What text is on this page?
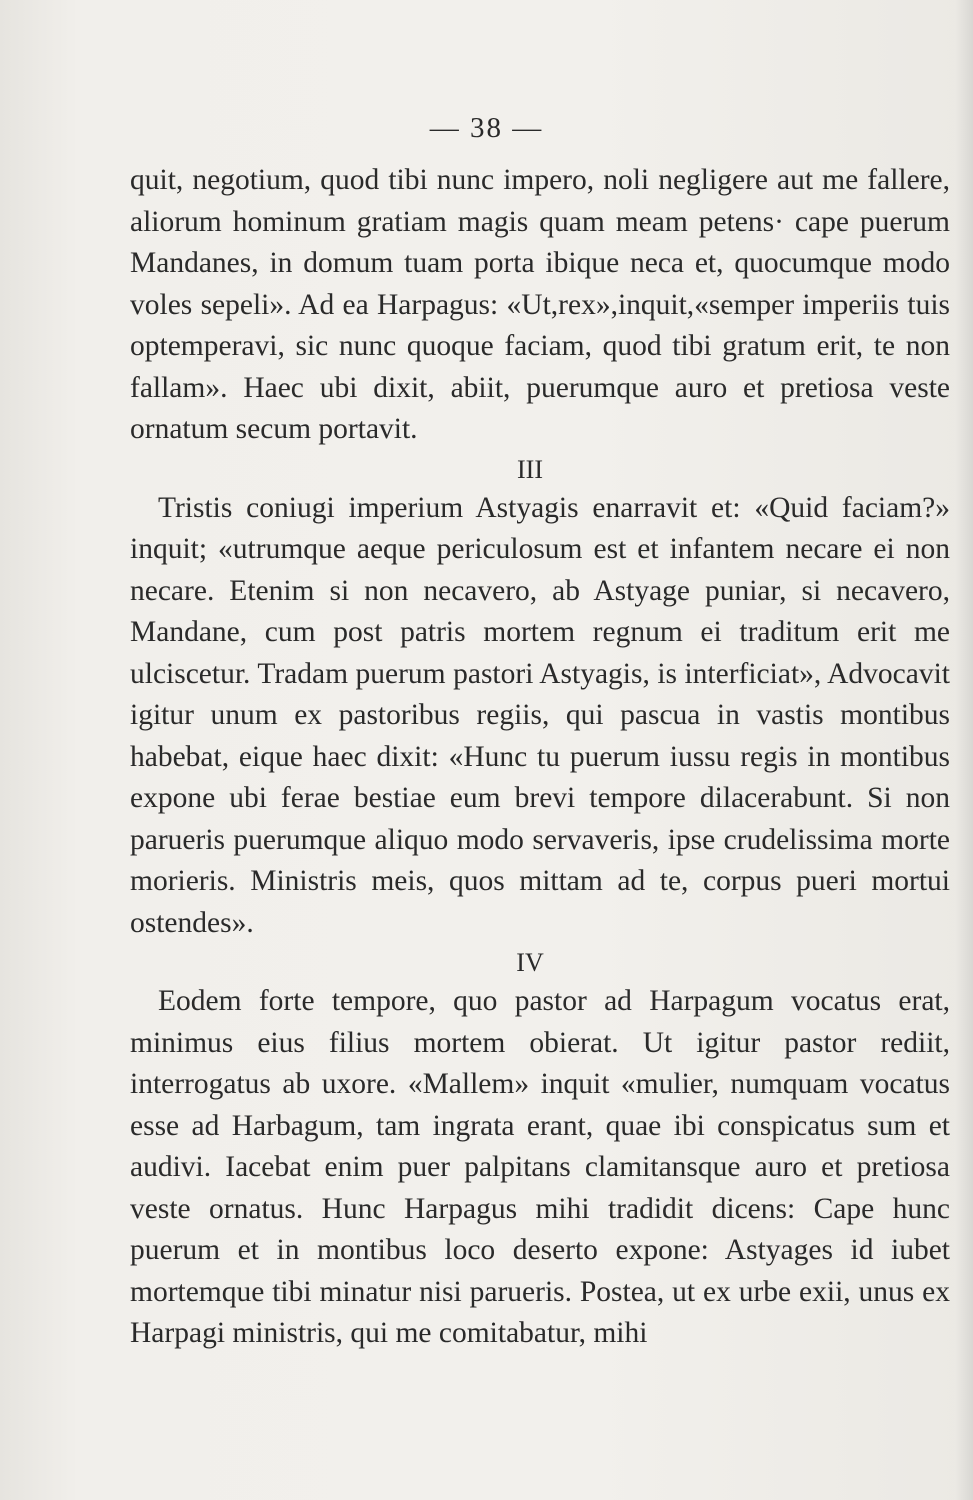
— 38 —

quit, negotium, quod tibi nunc impero, noli negligere aut me fallere, aliorum hominum gratiam magis quam meam petens· cape puerum Mandanes, in domum tuam porta ibique neca et, quocumque modo voles sepeli». Ad ea Harpagus: «Ut,rex»,inquit,«semper imperiis tuis optemperavi, sic nunc quoque faciam, quod tibi gratum erit, te non fallam». Haec ubi dixit, abiit, puerumque auro et pretiosa veste ornatum secum portavit.

III

Tristis coniugi imperium Astyagis enarravit et: «Quid faciam?» inquit; «utrumque aeque periculosum est et infantem necare ei non necare. Etenim si non necavero, ab Astyage puniar, si necavero, Mandane, cum post patris mortem regnum ei traditum erit me ulciscetur. Tradam puerum pastori Astyagis, is interficiat», Advocavit igitur unum ex pastoribus regiis, qui pascua in vastis montibus habebat, eique haec dixit: «Hunc tu puerum iussu regis in montibus expone ubi ferae bestiae eum brevi tempore dilacerabunt. Si non parueris puerumque aliquo modo servaveris, ipse crudelissima morte morieris. Ministris meis, quos mittam ad te, corpus pueri mortui ostendes».

IV

Eodem forte tempore, quo pastor ad Harpagum vocatus erat, minimus eius filius mortem obierat. Ut igitur pastor rediit, interrogatus ab uxore. «Mallem» inquit «mulier, numquam vocatus esse ad Harbagum, tam ingrata erant, quae ibi conspicatus sum et audivi. Iacebat enim puer palpitans clamitansque auro et pretiosa veste ornatus. Hunc Harpagus mihi tradidit dicens: Cape hunc puerum et in montibus loco deserto expone: Astyages id iubet mortemque tibi minatur nisi parueris. Postea, ut ex urbe exii, unus ex Harpagi ministris, qui me comitabatur, mihi
